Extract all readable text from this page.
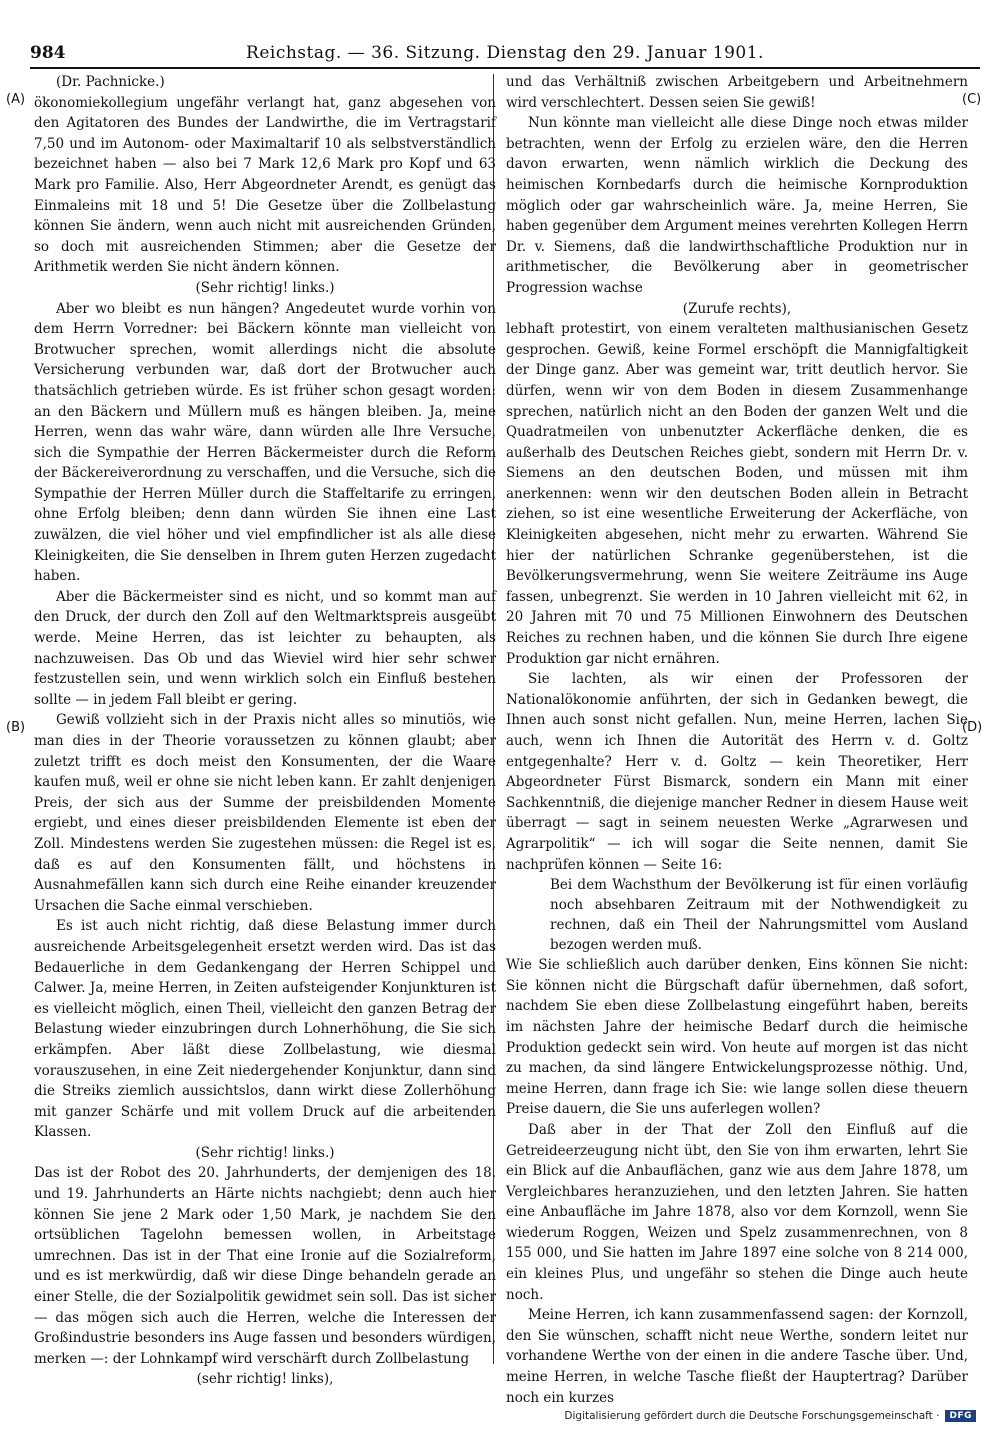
984	Reichstag. — 36. Sitzung. Dienstag den 29. Januar 1901.
(A)
(B)
(C)
(D)

(Dr. Pachnicke.)

ökonomiekollegium ungefähr verlangt hat, ganz abgesehen von den Agitatoren des Bundes der Landwirthe, die im Vertragstarif 7,50 und im Autonom- oder Maximaltarif 10 als selbstverständlich bezeichnet haben — also bei 7 Mark 12,6 Mark pro Kopf und 63 Mark pro Familie. Also, Herr Abgeordneter Arendt, es genügt das Einmaleins mit 18 und 5! Die Gesetze über die Zollbelastung können Sie ändern, wenn auch nicht mit ausreichenden Gründen, so doch mit ausreichenden Stimmen; aber die Gesetze der Arithmetik werden Sie nicht ändern können.

(Sehr richtig! links.)

Aber wo bleibt es nun hängen? Angedeutet wurde vorhin von dem Herrn Vorredner: bei Bäckern könnte man vielleicht von Brotwucher sprechen, womit allerdings nicht die absolute Versicherung verbunden war, daß dort der Brotwucher auch thatsächlich getrieben würde. Es ist früher schon gesagt worden: an den Bäckern und Müllern muß es hängen bleiben. Ja, meine Herren, wenn das wahr wäre, dann würden alle Ihre Versuche, sich die Sympathie der Herren Bäckermeister durch die Reform der Bäckereiverordnung zu verschaffen, und die Versuche, sich die Sympathie der Herren Müller durch die Staffeltarife zu erringen, ohne Erfolg bleiben; denn dann würden Sie ihnen eine Last zuwälzen, die viel höher und viel empfindlicher ist als alle diese Kleinigkeiten, die Sie denselben in Ihrem guten Herzen zugedacht haben.

Aber die Bäckermeister sind es nicht, und so kommt man auf den Druck, der durch den Zoll auf den Weltmarktspreis ausgeübt werde. Meine Herren, das ist leichter zu behaupten, als nachzuweisen. Das Ob und das Wieviel wird hier sehr schwer festzustellen sein, und wenn wirklich solch ein Einfluß bestehen sollte — in jedem Fall bleibt er gering.

Gewiß vollzieht sich in der Praxis nicht alles so minutiös, wie man dies in der Theorie voraussetzen zu können glaubt; aber zuletzt trifft es doch meist den Konsumenten, der die Waare kaufen muß, weil er ohne sie nicht leben kann. Er zahlt denjenigen Preis, der sich aus der Summe der preisbildenden Momente ergiebt, und eines dieser preisbildenden Elemente ist eben der Zoll. Mindestens werden Sie zugestehen müssen: die Regel ist es, daß es auf den Konsumenten fällt, und höchstens in Ausnahmefällen kann sich durch eine Reihe einander kreuzender Ursachen die Sache einmal verschieben.

Es ist auch nicht richtig, daß diese Belastung immer durch ausreichende Arbeitsgelegenheit ersetzt werden wird. Das ist das Bedauerliche in dem Gedankengang der Herren Schippel und Calwer. Ja, meine Herren, in Zeiten aufsteigender Konjunkturen ist es vielleicht möglich, einen Theil, vielleicht den ganzen Betrag der Belastung wieder einzubringen durch Lohnerhöhung, die Sie sich erkämpfen. Aber läßt diese Zollbelastung, wie diesmal vorauszusehen, in eine Zeit niedergehender Konjunktur, dann sind die Streiks ziemlich aussichtslos, dann wirkt diese Zollerhöhung mit ganzer Schärfe und mit vollem Druck auf die arbeitenden Klassen.

(Sehr richtig! links.)

Das ist der Robot des 20. Jahrhunderts, der demjenigen des 18. und 19. Jahrhunderts an Härte nichts nachgiebt; denn auch hier können Sie jene 2 Mark oder 1,50 Mark, je nachdem Sie den ortsüblichen Tagelohn bemessen wollen, in Arbeitstage umrechnen. Das ist in der That eine Ironie auf die Sozialreform, und es ist merkwürdig, daß wir diese Dinge behandeln gerade an einer Stelle, die der Sozialpolitik gewidmet sein soll. Das ist sicher — das mögen sich auch die Herren, welche die Interessen der Großindustrie besonders ins Auge fassen und besonders würdigen, merken —: der Lohnkampf wird verschärft durch Zollbelastung

(sehr richtig! links),

und das Verhältniß zwischen Arbeitgebern und Arbeitnehmern wird verschlechtert. Dessen seien Sie gewiß!

Nun könnte man vielleicht alle diese Dinge noch etwas milder betrachten, wenn der Erfolg zu erzielen wäre, den die Herren davon erwarten, wenn nämlich wirklich die Deckung des heimischen Kornbedarfs durch die heimische Kornproduktion möglich oder gar wahrscheinlich wäre. Ja, meine Herren, Sie haben gegenüber dem Argument meines verehrten Kollegen Herrn Dr. v. Siemens, daß die landwirthschaftliche Produktion nur in arithmetischer, die Bevölkerung aber in geometrischer Progression wachse

(Zurufe rechts),

lebhaft protestirt, von einem veralteten malthusianischen Gesetz gesprochen. Gewiß, keine Formel erschöpft die Mannigfaltigkeit der Dinge ganz. Aber was gemeint war, tritt deutlich hervor. Sie dürfen, wenn wir von dem Boden in diesem Zusammenhange sprechen, natürlich nicht an den Boden der ganzen Welt und die Quadratmeilen von unbenutzter Ackerfläche denken, die es außerhalb des Deutschen Reiches giebt, sondern mit Herrn Dr. v. Siemens an den deutschen Boden, und müssen mit ihm anerkennen: wenn wir den deutschen Boden allein in Betracht ziehen, so ist eine wesentliche Erweiterung der Ackerfläche, von Kleinigkeiten abgesehen, nicht mehr zu erwarten. Während Sie hier der natürlichen Schranke gegenüberstehen, ist die Bevölkerungsvermehrung, wenn Sie weitere Zeiträume ins Auge fassen, unbegrenzt. Sie werden in 10 Jahren vielleicht mit 62, in 20 Jahren mit 70 und 75 Millionen Einwohnern des Deutschen Reiches zu rechnen haben, und die können Sie durch Ihre eigene Produktion gar nicht ernähren.

Sie lachten, als wir einen der Professoren der Nationalökonomie anführten, der sich in Gedanken bewegt, die Ihnen auch sonst nicht gefallen. Nun, meine Herren, lachen Sie auch, wenn ich Ihnen die Autorität des Herrn v. d. Goltz entgegenhalte? Herr v. d. Goltz — kein Theoretiker, Herr Abgeordneter Fürst Bismarck, sondern ein Mann mit einer Sachkenntniß, die diejenige mancher Redner in diesem Hause weit überragt — sagt in seinem neuesten Werke „Agrarwesen und Agrarpolitik“ — ich will sogar die Seite nennen, damit Sie nachprüfen können — Seite 16:

Bei dem Wachsthum der Bevölkerung ist für einen vorläufig noch absehbaren Zeitraum mit der Nothwendigkeit zu rechnen, daß ein Theil der Nahrungsmittel vom Ausland bezogen werden muß.

Wie Sie schließlich auch darüber denken, Eins können Sie nicht: Sie können nicht die Bürgschaft dafür übernehmen, daß sofort, nachdem Sie eben diese Zollbelastung eingeführt haben, bereits im nächsten Jahre der heimische Bedarf durch die heimische Produktion gedeckt sein wird. Von heute auf morgen ist das nicht zu machen, da sind längere Entwickelungsprozesse nöthig. Und, meine Herren, dann frage ich Sie: wie lange sollen diese theuern Preise dauern, die Sie uns auferlegen wollen?

Daß aber in der That der Zoll den Einfluß auf die Getreideerzeugung nicht übt, den Sie von ihm erwarten, lehrt Sie ein Blick auf die Anbauflächen, ganz wie aus dem Jahre 1878, um Vergleichbares heranzuziehen, und den letzten Jahren. Sie hatten eine Anbaufläche im Jahre 1878, also vor dem Kornzoll, wenn Sie wiederum Roggen, Weizen und Spelz zusammenrechnen, von 8 155 000, und Sie hatten im Jahre 1897 eine solche von 8 214 000, ein kleines Plus, und ungefähr so stehen die Dinge auch heute noch.

Meine Herren, ich kann zusammenfassend sagen: der Kornzoll, den Sie wünschen, schafft nicht neue Werthe, sondern leitet nur vorhandene Werthe von der einen in die andere Tasche über. Und, meine Herren, in welche Tasche fließt der Hauptertrag? Darüber noch ein kurzes

Digitalisierung gefördert durch die Deutsche Forschungsgemeinschaft ·	DFG
